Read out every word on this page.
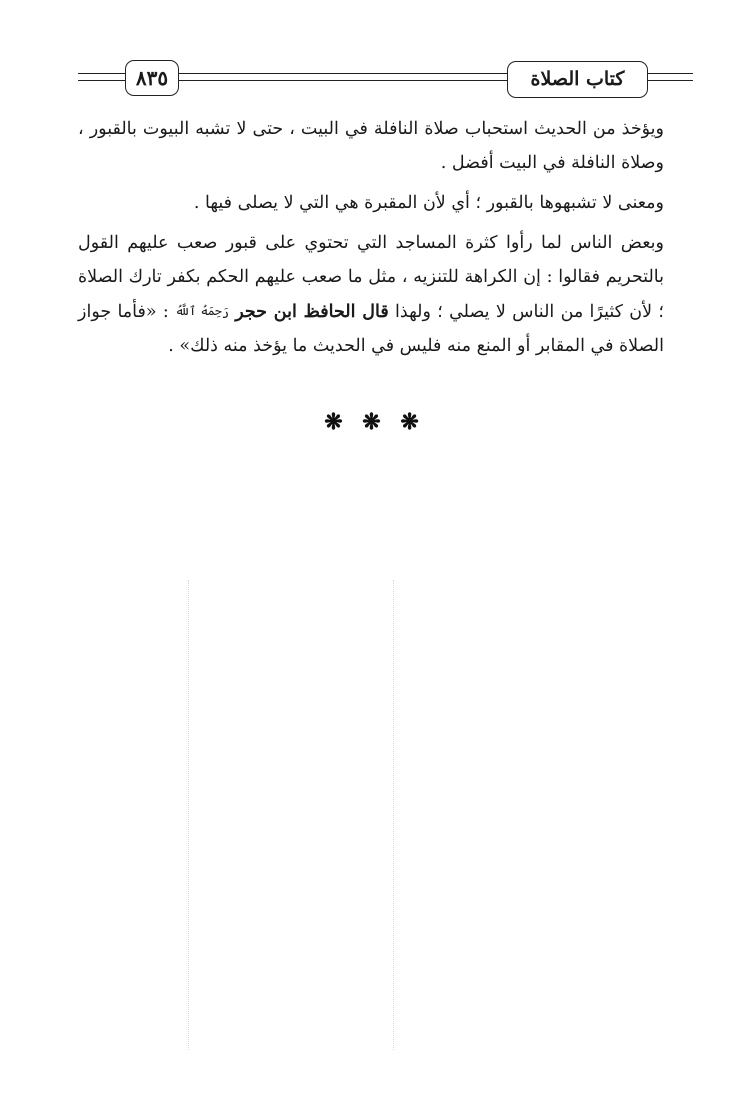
٨٣٥	كتاب الصلاة

ويؤخذ من الحديث استحباب صلاة النافلة في البيت ، حتى لا تشبه البيوت بالقبور ، وصلاة النافلة في البيت أفضل .

ومعنى لا تشبهوها بالقبور ؛ أي لأن المقبرة هي التي لا يصلى فيها .

وبعض الناس لما رأوا كثرة المساجد التي تحتوي على قبور صعب عليهم القول بالتحريم فقالوا : إن الكراهة للتنزيه ، مثل ما صعب عليهم الحكم بكفر تارك الصلاة ؛ لأن كثيرًا من الناس لا يصلي ؛ ولهذا قال الحافظ ابن حجر رَحِمَهُ ٱللَّهُ : «فأما جواز الصلاة في المقابر أو المنع منه فليس في الحديث ما يؤخذ منه ذلك» .

❋ ❋ ❋
